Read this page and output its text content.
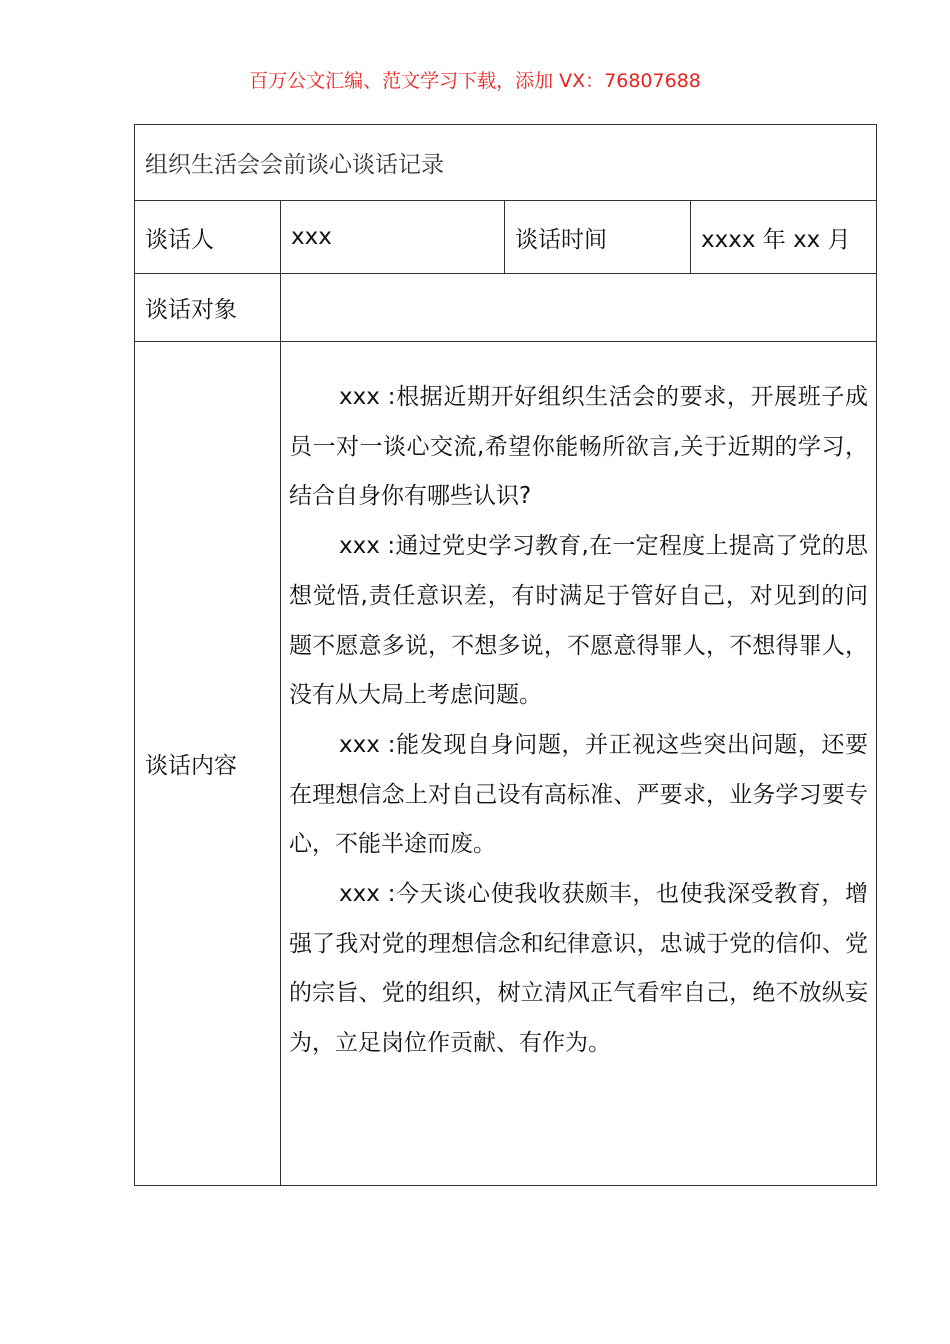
百万公文汇编、范文学习下载，添加 VX：76807688
组织生活会会前谈心谈话记录			
谈话人	xxx	谈话时间	xxxx 年 xx 月
谈话对象			
谈话内容	xxx :根据近期开好组织生活会的要求，开展班子成员一对一谈心交流,希望你能畅所欲言,关于近期的学习，结合自身你有哪些认识?

xxx :通过党史学习教育,在一定程度上提高了党的思想觉悟,责任意识差，有时满足于管好自己，对见到的问题不愿意多说，不想多说，不愿意得罪人，不想得罪人，没有从大局上考虑问题。

xxx :能发现自身问题，并正视这些突出问题，还要在理想信念上对自己设有高标准、严要求，业务学习要专心，不能半途而废。

xxx :今天谈心使我收获颇丰，也使我深受教育，增强了我对党的理想信念和纪律意识，忠诚于党的信仰、党的宗旨、党的组织，树立清风正气看牢自己，绝不放纵妄为，立足岗位作贡献、有作为。		
